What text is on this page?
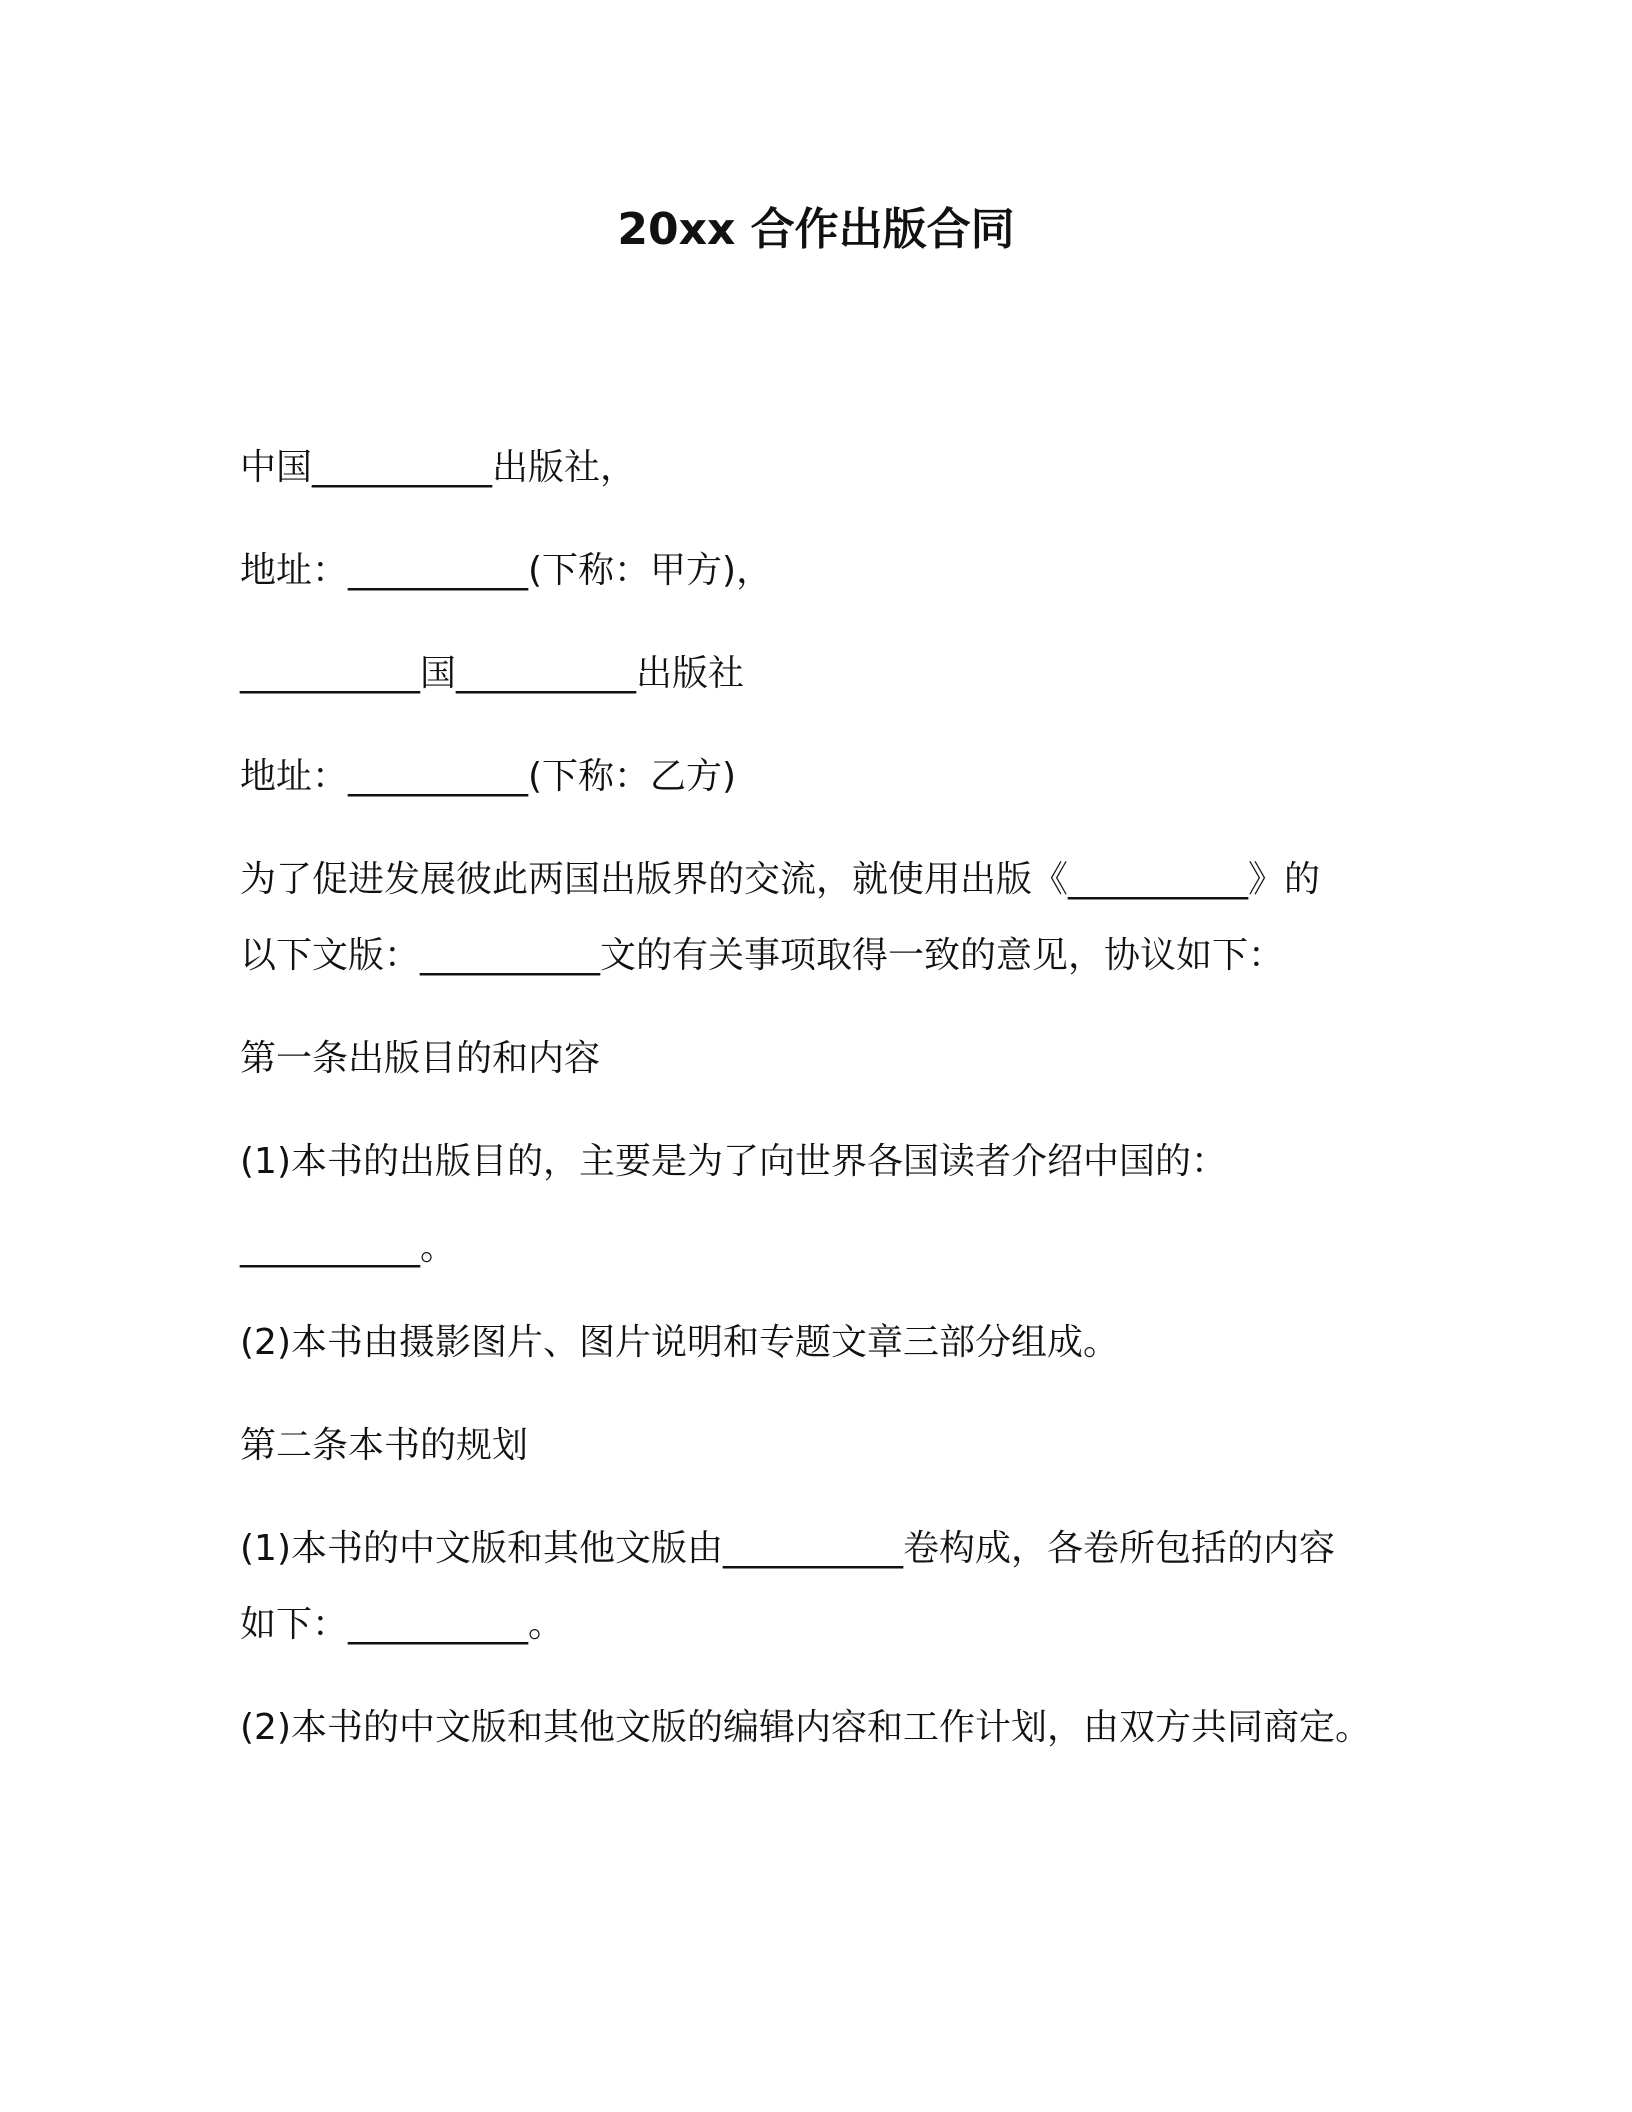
20xx 合作出版合同
中国__________出版社，
地址：__________(下称：甲方)，
__________国__________出版社
地址：__________(下称：乙方)
为了促进发展彼此两国出版界的交流，就使用出版《__________》的
以下文版：__________文的有关事项取得一致的意见，协议如下：
第一条出版目的和内容
(1)本书的出版目的，主要是为了向世界各国读者介绍中国的：
__________。
(2)本书由摄影图片、图片说明和专题文章三部分组成。
第二条本书的规划
(1)本书的中文版和其他文版由__________卷构成，各卷所包括的内容
如下：__________。
(2)本书的中文版和其他文版的编辑内容和工作计划，由双方共同商定。
